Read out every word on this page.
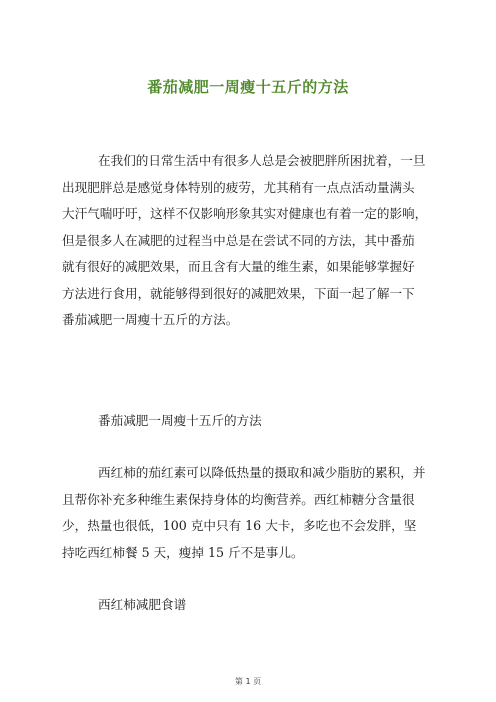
番茄减肥一周瘦十五斤的方法
在我们的日常生活中有很多人总是会被肥胖所困扰着，一旦
出现肥胖总是感觉身体特别的疲劳，尤其稍有一点点活动量满头
大汗气喘吁吁，这样不仅影响形象其实对健康也有着一定的影响，
但是很多人在减肥的过程当中总是在尝试不同的方法，其中番茄
就有很好的减肥效果，而且含有大量的维生素，如果能够掌握好
方法进行食用，就能够得到很好的减肥效果，下面一起了解一下
番茄减肥一周瘦十五斤的方法。
番茄减肥一周瘦十五斤的方法
西红柿的茄红素可以降低热量的摄取和减少脂肪的累积，并
且帮你补充多种维生素保持身体的均衡营养。西红柿糖分含量很
少，热量也很低，100 克中只有 16 大卡，多吃也不会发胖，坚
持吃西红柿餐 5 天，瘦掉 15 斤不是事儿。
西红柿减肥食谱
第 1 页
